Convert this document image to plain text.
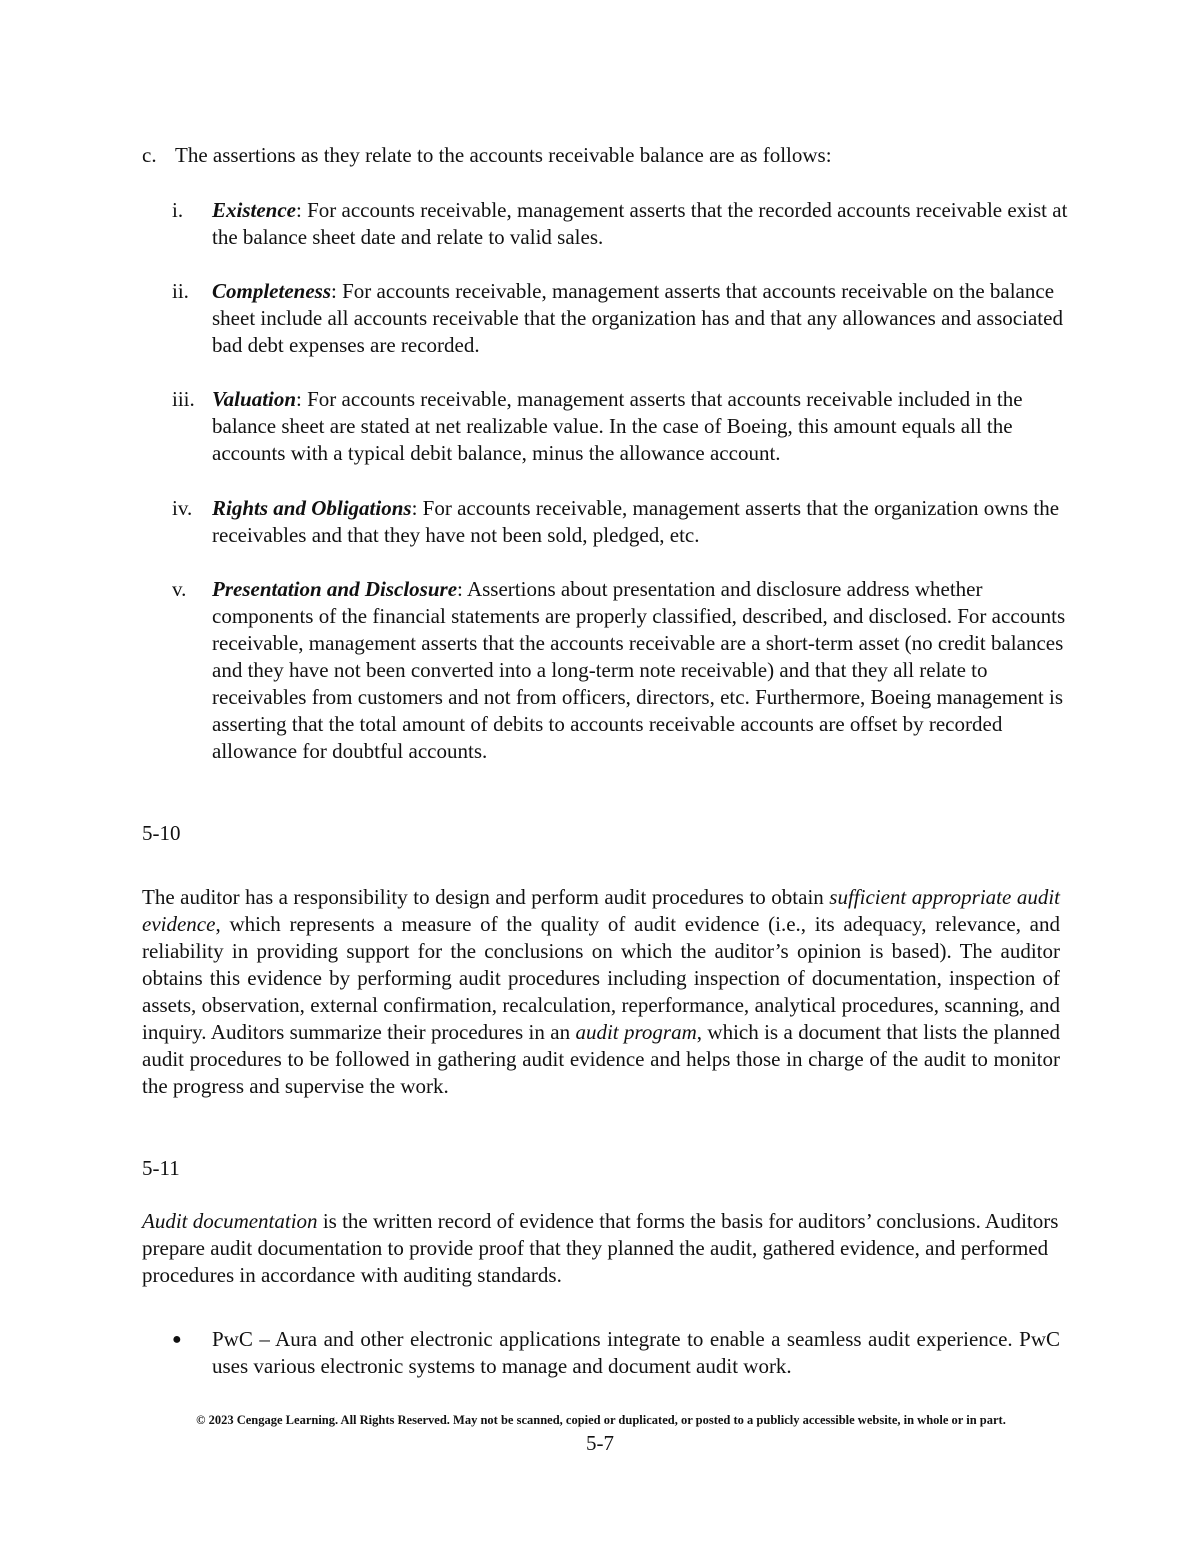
c. The assertions as they relate to the accounts receivable balance are as follows:
i.	Existence: For accounts receivable, management asserts that the recorded accounts receivable exist at the balance sheet date and relate to valid sales.
ii.	Completeness: For accounts receivable, management asserts that accounts receivable on the balance sheet include all accounts receivable that the organization has and that any allowances and associated bad debt expenses are recorded.
iii. Valuation: For accounts receivable, management asserts that accounts receivable included in the balance sheet are stated at net realizable value. In the case of Boeing, this amount equals all the accounts with a typical debit balance, minus the allowance account.
iv. Rights and Obligations: For accounts receivable, management asserts that the organization owns the receivables and that they have not been sold, pledged, etc.
v.	Presentation and Disclosure: Assertions about presentation and disclosure address whether components of the financial statements are properly classified, described, and disclosed. For accounts receivable, management asserts that the accounts receivable are a short-term asset (no credit balances and they have not been converted into a long-term note receivable) and that they all relate to receivables from customers and not from officers, directors, etc. Furthermore, Boeing management is asserting that the total amount of debits to accounts receivable accounts are offset by recorded allowance for doubtful accounts.
5-10
The auditor has a responsibility to design and perform audit procedures to obtain sufficient appropriate audit evidence, which represents a measure of the quality of audit evidence (i.e., its adequacy, relevance, and reliability in providing support for the conclusions on which the auditor’s opinion is based). The auditor obtains this evidence by performing audit procedures including inspection of documentation, inspection of assets, observation, external confirmation, recalculation, reperformance, analytical procedures, scanning, and inquiry. Auditors summarize their procedures in an audit program, which is a document that lists the planned audit procedures to be followed in gathering audit evidence and helps those in charge of the audit to monitor the progress and supervise the work.
5-11
Audit documentation is the written record of evidence that forms the basis for auditors’ conclusions. Auditors prepare audit documentation to provide proof that they planned the audit, gathered evidence, and performed procedures in accordance with auditing standards.
●	PwC – Aura and other electronic applications integrate to enable a seamless audit experience. PwC uses various electronic systems to manage and document audit work.
© 2023 Cengage Learning. All Rights Reserved. May not be scanned, copied or duplicated, or posted to a publicly accessible website, in whole or in part.
5-7
